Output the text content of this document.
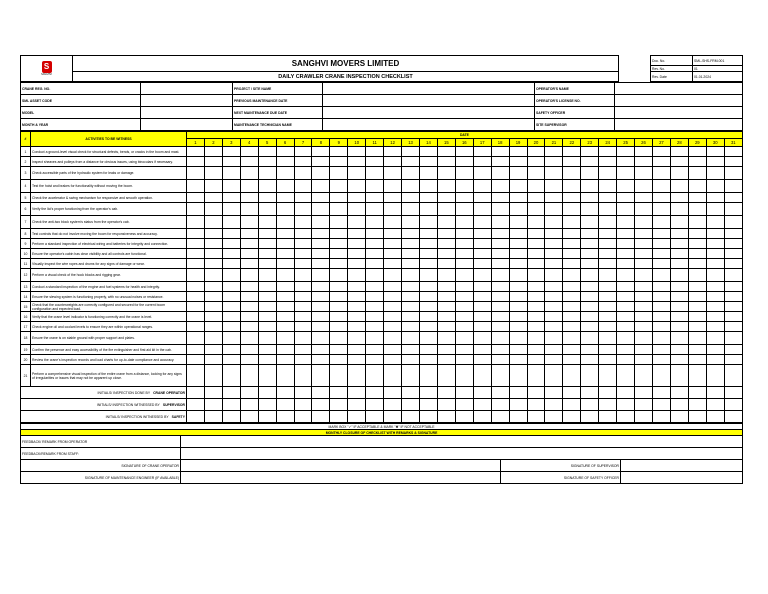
S
SANGHVI	SANGHVI MOVERS LIMITED		Doc. No.	SML-SHS-FRM-001
			Rev. No.	01
	DAILY CRAWLER CRANE INSPECTION CHECKLIST		Rev. Date	01.01.2024
CRANE REG. NO.		PROJECT / SITE NAME		OPERATOR'S NAME	
SML ASSET CODE		PREVIOUS MAINTENANCE DATE		OPERATOR'S LICENSE NO.	
MODEL		NEXT MAINTENANCE DUE DATE		SAFETY OFFICER	
MONTH & YEAR		MAINTENANCE TECHNICIAN NAME		SITE SUPERVISOR	
#	ACTIVITIES TO BE WITNESS	DATE																														
		1	2	3	4	5	6	7	8	9	10	11	12	13	14	15	16	17	18	19	20	21	22	23	24	25	26	27	28	29	30	31
1	Conduct a ground-level visual check for structural defects, bends, or cracks in the boom and mast.																															
2	Inspect sheaves and pulleys from a distance for obvious issues, using binoculars if necessary.																															
3	Check accessible parts of the hydraulic system for leaks or damage.																															
4	Test the hoist and brakes for functionality without moving the boom.																															
5	Check the accelerator & swing mechanism for responsive and smooth operation.																															
6	Verify the lici's proper functioning from the operator's cab.																															
7	Check the anti-two block system's status from the operator's cab.																															
8	Test controls that do not involve moving the boom for responsiveness and accuracy.																															
9	Perform a standard inspection of electrical wiring and batteries for integrity and connection.																															
10	Ensure the operator's cabin has clear visibility and all controls are functional.																															
11	Visually inspect the wire ropes and drums for any signs of damage or wear.																															
12	Perform a visual check of the hook blocks and rigging gear.																															
13	Conduct a standard inspection of the engine and fuel systems for health and integrity.																															
14	Ensure the slewing system is functioning properly, with no unusual noises or resistance.																															
15	Check that the counterweights are correctly configured and secured for the current boom configuration and expected load.																															
16	Verify that the crane level indicator is functioning correctly and the crane is level.																															
17	Check engine oil and coolant levels to ensure they are within operational ranges.																															
18	Ensure the crane is on stable ground with proper support and plates.																															
19	Confirm the presence and easy accessibility of the fire extinguisher and first aid kit in the cab.																															
20	Review the crane's inspection records and load charts for up-to-date compliance and accuracy.																															
21	Perform a comprehensive visual inspection of the entire crane from a distance, looking for any signs of irregularities or issues that may not be apparent up close.																															
INITIALS/ INSPECTION DONE BY CRANE OPERATOR																																
INITIALS/ INSPECTION WITNESSED BY SUPERVISOR																																
INITIALS/ INSPECTION WITNESSED BY SAFETY																																
MARK BOX "✓" IF ACCEPTABLE & MARK "✖" IF NOT ACCEPTABLE			
MONTHLY CLOSURE OF CHECKLIST WITH REMARKS & SIGNATURE			
FEEDBACK/ REMARK FROM OPERATOR			
FEEDBACK/REMARK FROM STAFF:			
SIGNATURE OF CRANE OPERATOR		SIGNATURE OF SUPERVISOR	
SIGNATURE OF MAINTENANCE ENGINEER (IF AVAILABLE)		SIGNATURE OF SAFETY OFFICER	
